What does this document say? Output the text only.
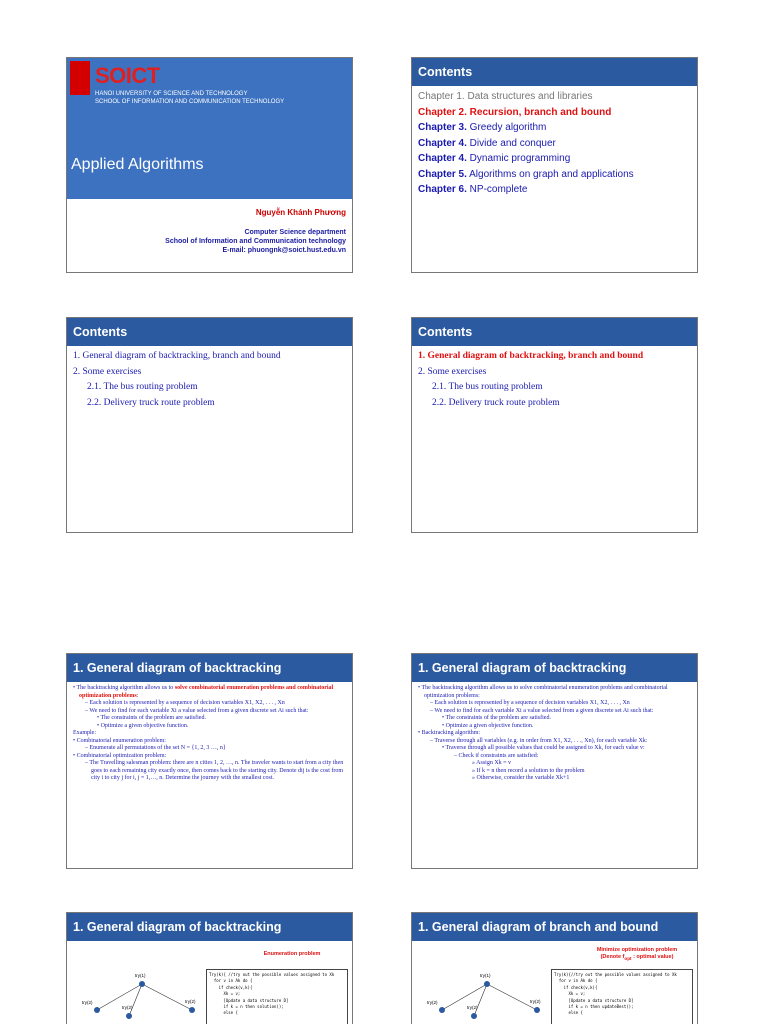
SOICT
HANOI UNIVERSITY OF SCIENCE AND TECHNOLOGY
SCHOOL OF INFORMATION AND COMMUNICATION TECHNOLOGY
Applied Algorithms
Nguyễn Khánh Phương
Computer Science department
School of Information and Communication technology
E-mail: phuongnk@soict.hust.edu.vn
Contents
Chapter 1. Data structures and libraries
Chapter 2. Recursion, branch and bound
Chapter 3. Greedy algorithm
Chapter 4. Divide and conquer
Chapter 4. Dynamic programming
Chapter 5. Algorithms on graph and applications
Chapter 6. NP-complete
Contents
1. General diagram of backtracking, branch and bound
2. Some exercises
2.1. The bus routing problem
2.2. Delivery truck route problem
Contents
1. General diagram of backtracking, branch and bound
2. Some exercises
2.1. The bus routing problem
2.2. Delivery truck route problem
1. General diagram of backtracking
• The backtracking algorithm allows us to solve combinatorial enumeration problems and combinatorial optimization problems:
– Each solution is represented by a sequence of decision variables X1, X2, . . . , Xn
– We need to find for each variable Xi a value selected from a given discrete set Ai such that:
• The constraints of the problem are satisfied.
• Optimize a given objective function.
Example:
• Combinatorial enumeration problem:
– Enumerate all permutations of the set N = {1, 2, 3 …, n}
• Combinatorial optimization problem:
– The Travelling salesman problem: there are n cities 1, 2, …, n. The traveler wants to start from a city then goes to each remaining city exactly once, then comes back to the starting city. Denote dij is the cost from city i to city j for i, j = 1,…, n. Determine the journey with the smallest cost.
1. General diagram of backtracking
• The backtracking algorithm allows us to solve combinatorial enumeration problems and combinatorial optimization problems:
– Each solution is represented by a sequence of decision variables X1, X2, . . . , Xn
– We need to find for each variable Xi a value selected from a given discrete set Ai such that:
• The constraints of the problem are satisfied.
• Optimize a given objective function.
• Backtracking algorithm:
– Traverse through all variables (e.g. in order from X1, X2, . . ., Xn), for each variable Xk:
• Traverse through all possible values that could be assigned to Xk, for each value v:
– Check if constraints are satisfied:
» Assign Xk = v
» If k = n then record a solution to the problem
» Otherwise, consider the variable Xk+1
1. General diagram of backtracking
Enumeration problem
try(1)
try(2)
try(2)
try(2)
Try(k){ //try out the possible values assigned to Xk
for v in Ak do {
if check(v,k){
Xk = v;
[Update a data structure D]
if k = n then solution();
else {
1. General diagram of branch and bound
Minimize optimization problem
(Denote $f_{opt}$ : optimal value)
try(1)
try(2)
try(2)
try(2)
Try(k){//try out the possible values assigned to Xk
for v in Ak do {
if check(v,k){
Xk = v;
[Update a data structure D]
if k = n then updateBest();
else {
